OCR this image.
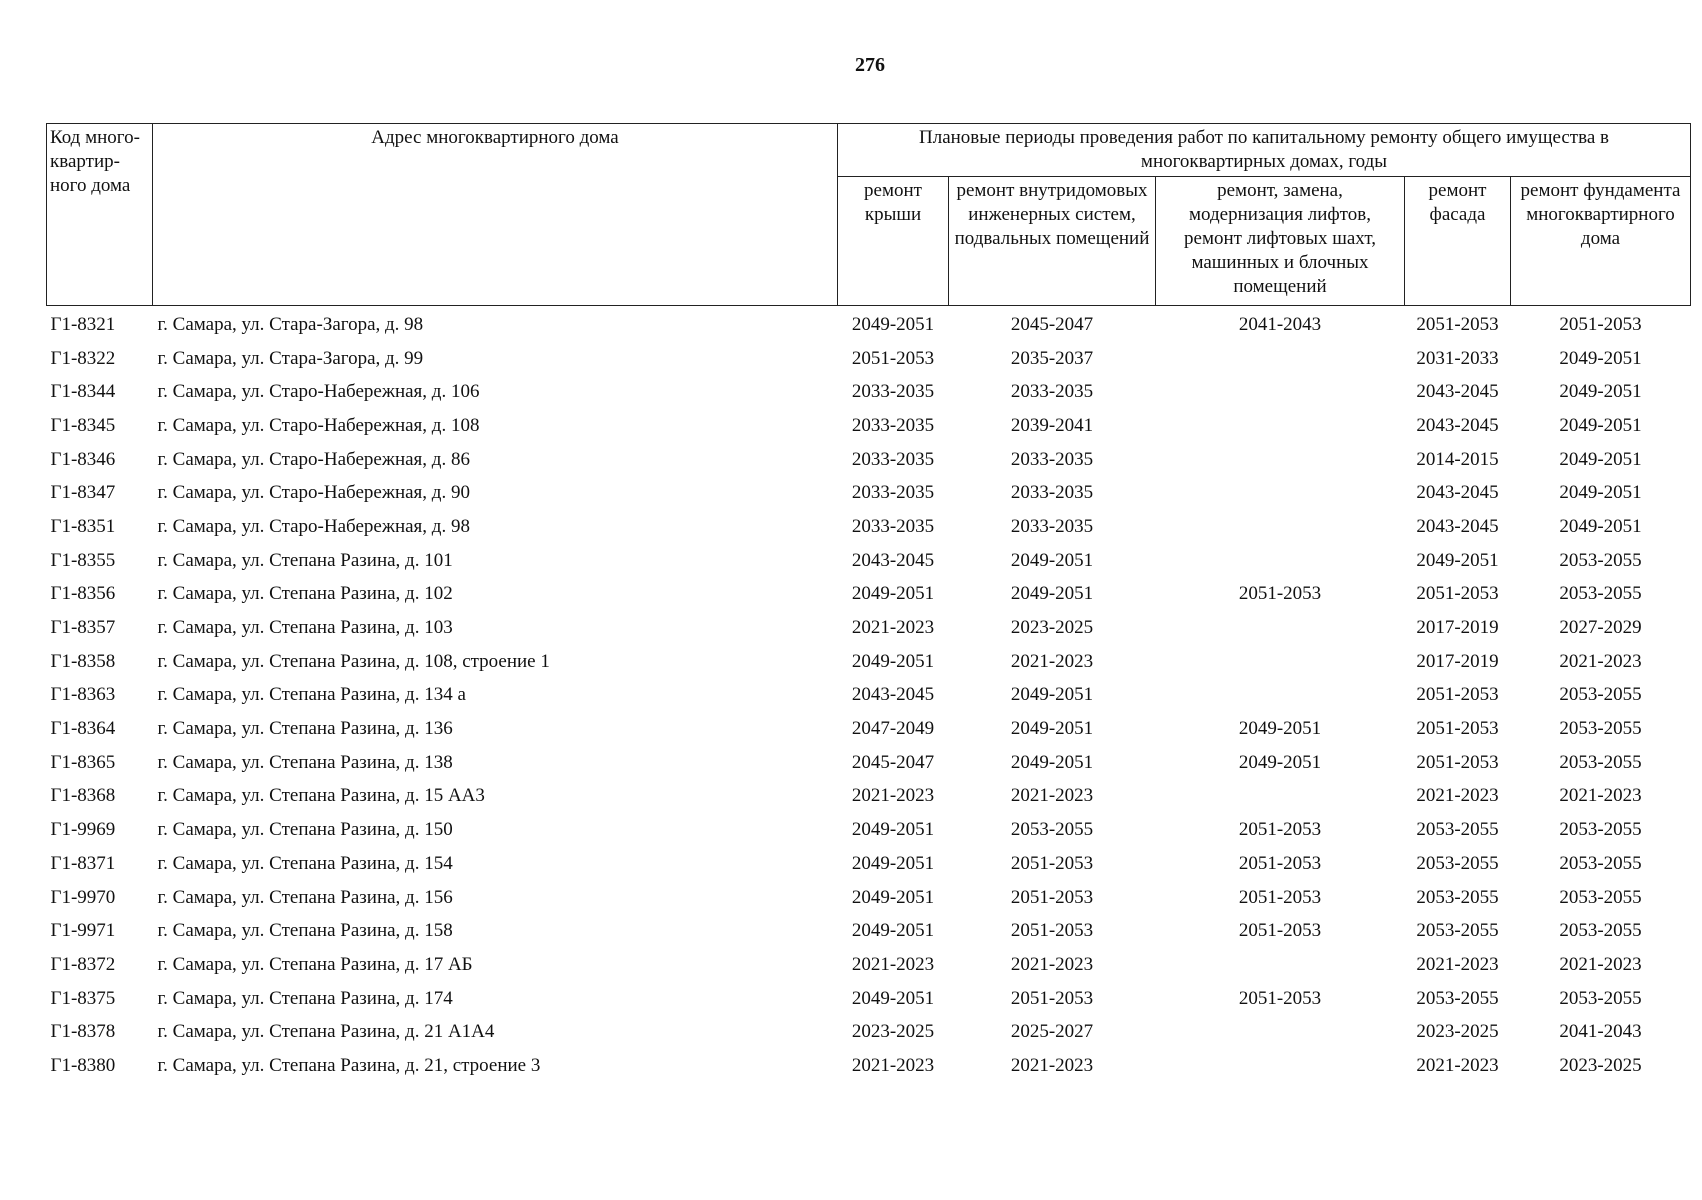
276
Код много-квартир-ного дома	Адрес многоквартирного дома	Плановые периоды проведения работ по капитальному ремонту общего имущества в многоквартирных домах, годы				
		ремонт крыши	ремонт внутридомовых инженерных систем, подвальных помещений	ремонт, замена, модернизация лифтов, ремонт лифтовых шахт, машинных и блочных помещений	ремонт фасада	ремонт фундамента многоквартирного дома
Г1-8321	г. Самара, ул. Стара-Загора, д. 98	2049-2051	2045-2047	2041-2043	2051-2053	2051-2053
Г1-8322	г. Самара, ул. Стара-Загора, д. 99	2051-2053	2035-2037		2031-2033	2049-2051
Г1-8344	г. Самара, ул. Старо-Набережная, д. 106	2033-2035	2033-2035		2043-2045	2049-2051
Г1-8345	г. Самара, ул. Старо-Набережная, д. 108	2033-2035	2039-2041		2043-2045	2049-2051
Г1-8346	г. Самара, ул. Старо-Набережная, д. 86	2033-2035	2033-2035		2014-2015	2049-2051
Г1-8347	г. Самара, ул. Старо-Набережная, д. 90	2033-2035	2033-2035		2043-2045	2049-2051
Г1-8351	г. Самара, ул. Старо-Набережная, д. 98	2033-2035	2033-2035		2043-2045	2049-2051
Г1-8355	г. Самара, ул. Степана Разина, д. 101	2043-2045	2049-2051		2049-2051	2053-2055
Г1-8356	г. Самара, ул. Степана Разина, д. 102	2049-2051	2049-2051	2051-2053	2051-2053	2053-2055
Г1-8357	г. Самара, ул. Степана Разина, д. 103	2021-2023	2023-2025		2017-2019	2027-2029
Г1-8358	г. Самара, ул. Степана Разина, д. 108, строение 1	2049-2051	2021-2023		2017-2019	2021-2023
Г1-8363	г. Самара, ул. Степана Разина, д. 134 а	2043-2045	2049-2051		2051-2053	2053-2055
Г1-8364	г. Самара, ул. Степана Разина, д. 136	2047-2049	2049-2051	2049-2051	2051-2053	2053-2055
Г1-8365	г. Самара, ул. Степана Разина, д. 138	2045-2047	2049-2051	2049-2051	2051-2053	2053-2055
Г1-8368	г. Самара, ул. Степана Разина, д. 15 АА3	2021-2023	2021-2023		2021-2023	2021-2023
Г1-9969	г. Самара, ул. Степана Разина, д. 150	2049-2051	2053-2055	2051-2053	2053-2055	2053-2055
Г1-8371	г. Самара, ул. Степана Разина, д. 154	2049-2051	2051-2053	2051-2053	2053-2055	2053-2055
Г1-9970	г. Самара, ул. Степана Разина, д. 156	2049-2051	2051-2053	2051-2053	2053-2055	2053-2055
Г1-9971	г. Самара, ул. Степана Разина, д. 158	2049-2051	2051-2053	2051-2053	2053-2055	2053-2055
Г1-8372	г. Самара, ул. Степана Разина, д. 17 АБ	2021-2023	2021-2023		2021-2023	2021-2023
Г1-8375	г. Самара, ул. Степана Разина, д. 174	2049-2051	2051-2053	2051-2053	2053-2055	2053-2055
Г1-8378	г. Самара, ул. Степана Разина, д. 21 А1А4	2023-2025	2025-2027		2023-2025	2041-2043
Г1-8380	г. Самара, ул. Степана Разина, д. 21, строение 3	2021-2023	2021-2023		2021-2023	2023-2025
